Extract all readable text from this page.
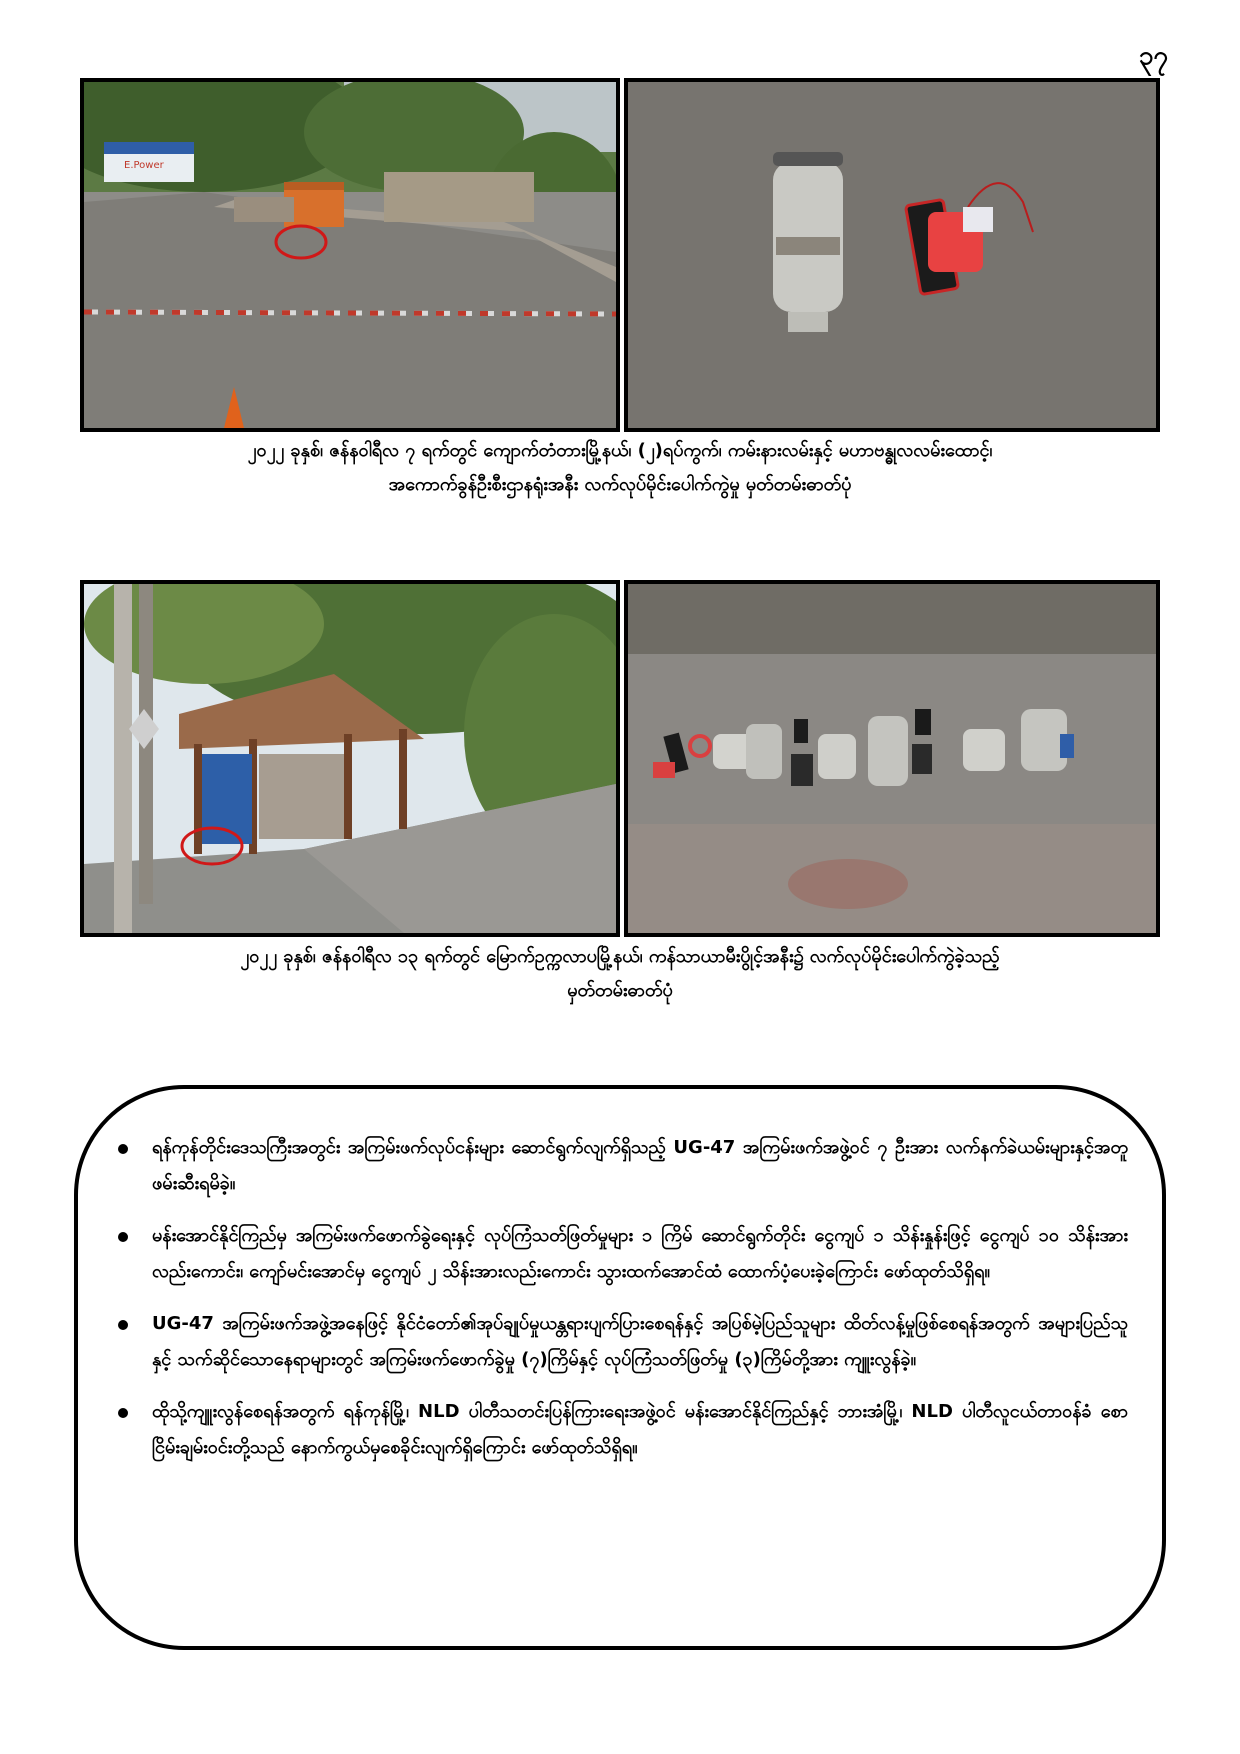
၃၇
E.Power
၂၀၂၂ ခုနှစ်၊ ဇန်နဝါရီလ ၇ ရက်တွင် ကျောက်တံတားမြို့နယ်၊ (၂)ရပ်ကွက်၊ ကမ်းနားလမ်းနှင့် မဟာဗန္ဓုလလမ်းထောင့်၊
အကောက်ခွန်ဦးစီးဌာနရုံးအနီး လက်လုပ်မိုင်းပေါက်ကွဲမှု မှတ်တမ်းဓာတ်ပုံ
၂၀၂၂ ခုနှစ်၊ ဇန်နဝါရီလ ၁၃ ရက်တွင် မြောက်ဥက္ကလာပမြို့နယ်၊ ကန်သာယာမီးပွိုင့်အနီး၌ လက်လုပ်မိုင်းပေါက်ကွဲခဲ့သည့်
မှတ်တမ်းဓာတ်ပုံ
ရန်ကုန်တိုင်းဒေသကြီးအတွင်း အကြမ်းဖက်လုပ်ငန်းများ ဆောင်ရွက်လျက်ရှိသည့် UG-47 အကြမ်းဖက်အဖွဲ့ဝင် ၇ ဦးအား လက်နက်ခဲယမ်းများနှင့်အတူ ဖမ်းဆီးရမိခဲ့။
မန်းအောင်နိုင်ကြည်မှ အကြမ်းဖက်ဖောက်ခွဲရေးနှင့် လုပ်ကြံသတ်ဖြတ်မှုများ ၁ ကြိမ် ဆောင်ရွက်တိုင်း ငွေကျပ် ၁ သိန်းနှုန်းဖြင့် ငွေကျပ် ၁၀ သိန်းအားလည်းကောင်း၊ ကျော်မင်းအောင်မှ ငွေကျပ် ၂ သိန်းအားလည်းကောင်း သွားထက်အောင်ထံ ထောက်ပံ့ပေးခဲ့ကြောင်း ဖော်ထုတ်သိရှိရ။
UG-47 အကြမ်းဖက်အဖွဲ့အနေဖြင့် နိုင်ငံတော်၏အုပ်ချုပ်မှုယန္တရားပျက်ပြားစေရန်နှင့် အပြစ်မဲ့ပြည်သူများ ထိတ်လန့်မှုဖြစ်စေရန်အတွက် အများပြည်သူနှင့် သက်ဆိုင်သောနေရာများတွင် အကြမ်းဖက်ဖောက်ခွဲမှု (၇)ကြိမ်နှင့် လုပ်ကြံသတ်ဖြတ်မှု (၃)ကြိမ်တို့အား ကျူးလွန်ခဲ့။
ထိုသို့ကျူးလွန်စေရန်အတွက် ရန်ကုန်မြို့၊ NLD ပါတီသတင်းပြန်ကြားရေးအဖွဲ့ဝင် မန်းအောင်နိုင်ကြည်နှင့် ဘားအံမြို့၊ NLD ပါတီလူငယ်တာဝန်ခံ စောငြိမ်းချမ်းဝင်းတို့သည် နောက်ကွယ်မှစေခိုင်းလျက်ရှိကြောင်း ဖော်ထုတ်သိရှိရ။
